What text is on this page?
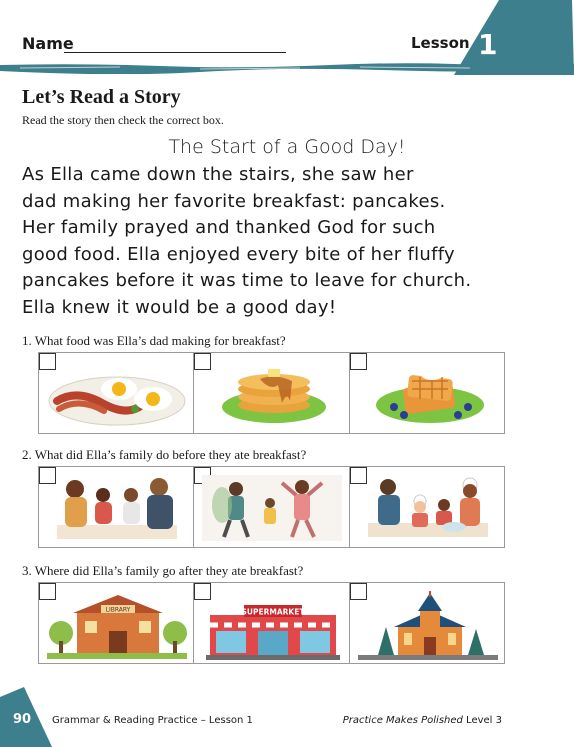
Name	Lesson 1
Let’s Read a Story
Read the story then check the correct box.
The Start of a Good Day!
As Ella came down the stairs, she saw her
dad making her favorite breakfast: pancakes.
Her family prayed and thanked God for such
good food. Ella enjoyed every bite of her fluffy
pancakes before it was time to leave for church.
Ella knew it would be a good day!
1. What food was Ella’s dad making for breakfast?
2. What did Ella’s family do before they ate breakfast?
3. Where did Ella’s family go after they ate breakfast?
LIBRARY	SUPERMARKET
90 Grammar & Reading Practice – Lesson 1	Practice Makes Polished Level 3
